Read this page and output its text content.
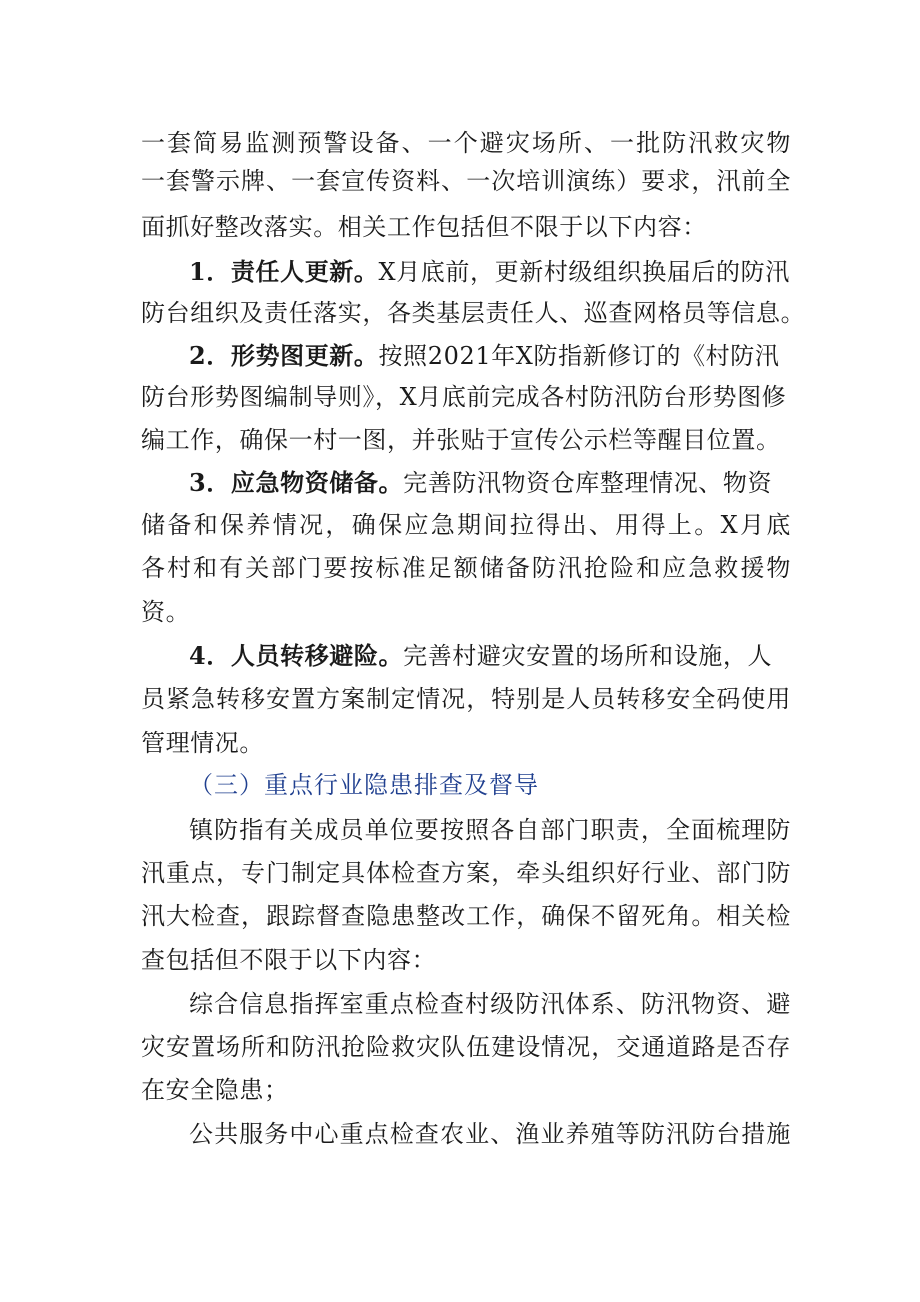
一套简易监测预警设备、一个避灾场所、一批防汛救灾物
一套警示牌、一套宣传资料、一次培训演练）要求，汛前全
面抓好整改落实。相关工作包括但不限于以下内容：
1．责任人更新。X月底前，更新村级组织换届后的防汛
防台组织及责任落实，各类基层责任人、巡查网格员等信息。
2．形势图更新。按照2021年X防指新修订的《村防汛
防台形势图编制导则》，X月底前完成各村防汛防台形势图修
编工作，确保一村一图，并张贴于宣传公示栏等醒目位置。
3．应急物资储备。完善防汛物资仓库整理情况、物资
储备和保养情况，确保应急期间拉得出、用得上。X月底
各村和有关部门要按标准足额储备防汛抢险和应急救援物
资。
4．人员转移避险。完善村避灾安置的场所和设施，人
员紧急转移安置方案制定情况，特别是人员转移安全码使用
管理情况。
（三）重点行业隐患排查及督导
镇防指有关成员单位要按照各自部门职责，全面梳理防
汛重点，专门制定具体检查方案，牵头组织好行业、部门防
汛大检查，跟踪督查隐患整改工作，确保不留死角。相关检
查包括但不限于以下内容：
综合信息指挥室重点检查村级防汛体系、防汛物资、避
灾安置场所和防汛抢险救灾队伍建设情况，交通道路是否存
在安全隐患；
公共服务中心重点检查农业、渔业养殖等防汛防台措施
